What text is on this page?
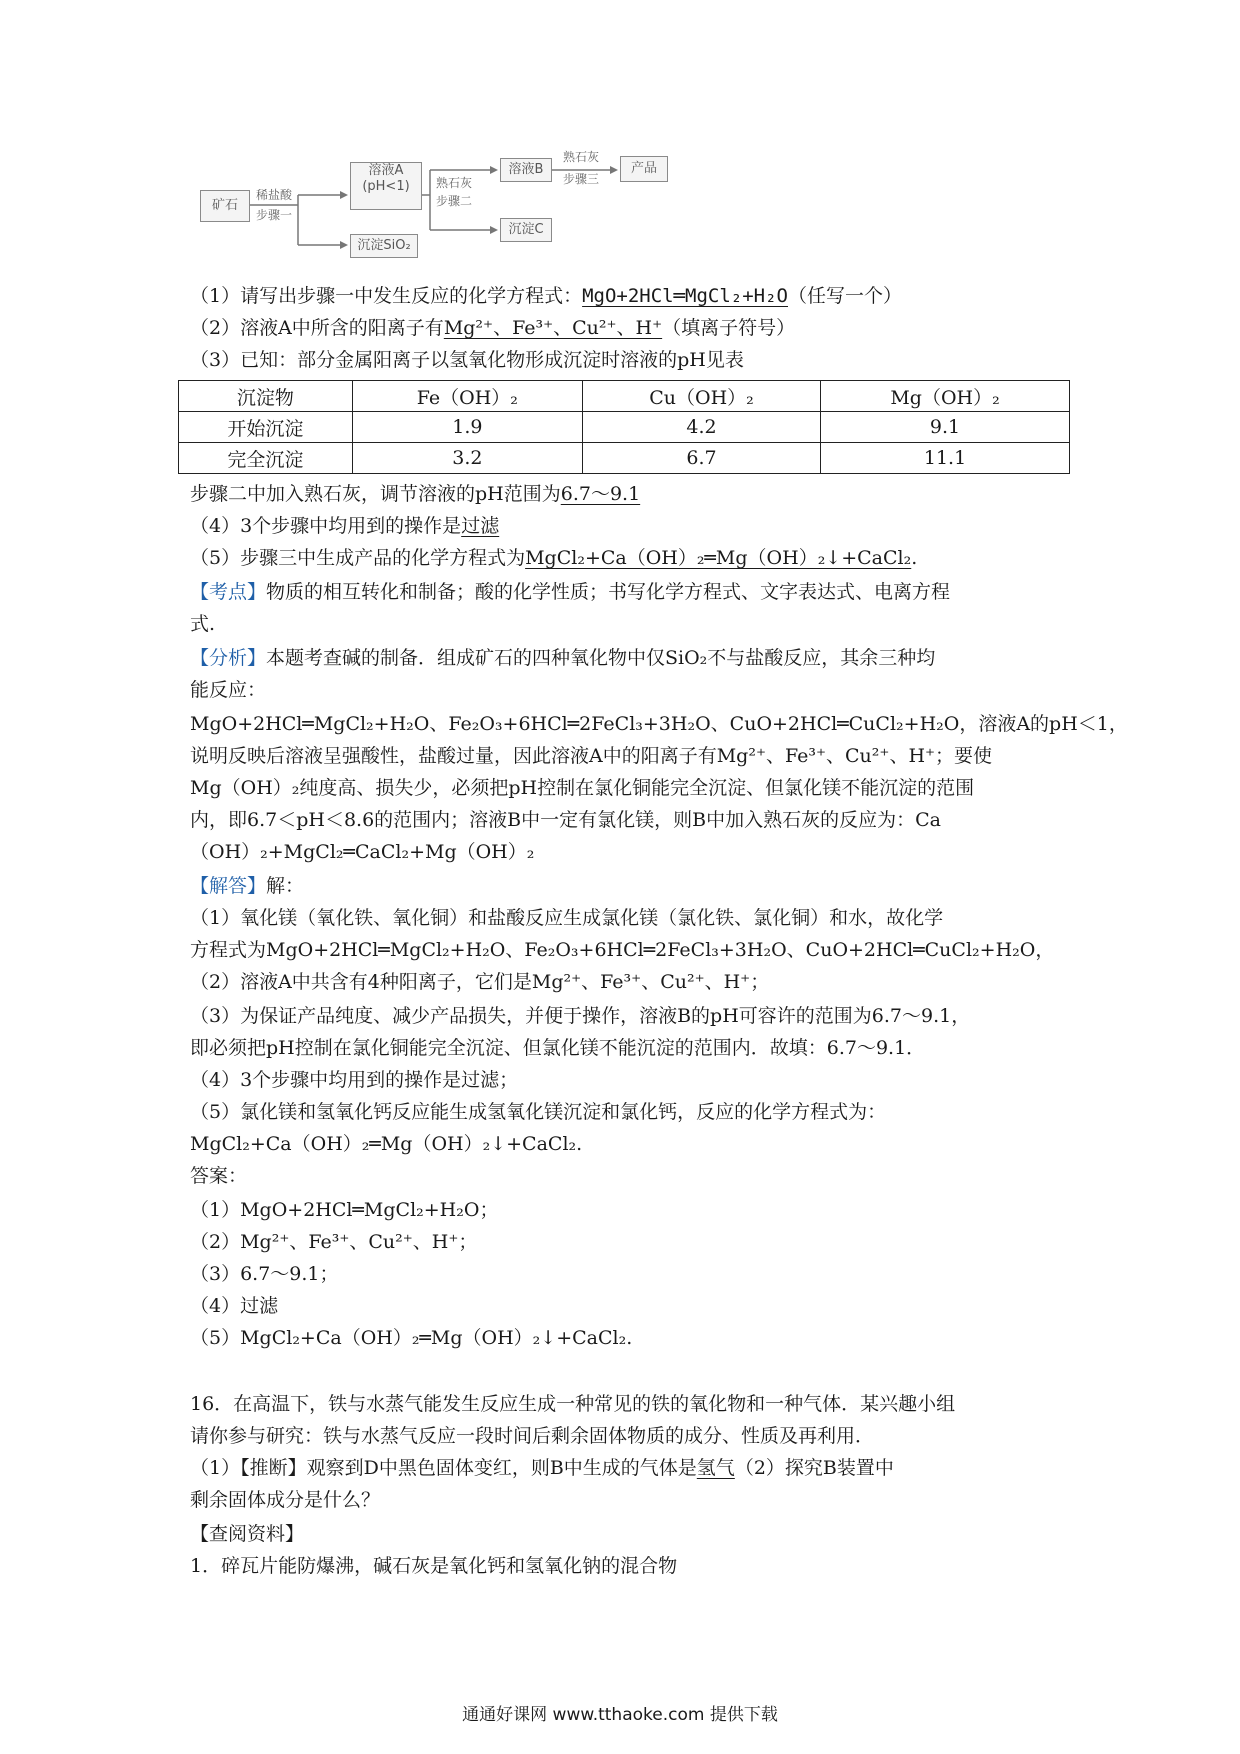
矿石
稀盐酸
步骤一
溶液A
(pH<1)
沉淀SiO₂
熟石灰
步骤二
溶液B
沉淀C
熟石灰
步骤三
产品
（1）请写出步骤一中发生反应的化学方程式：MgO+2HCl═MgCl₂+H₂O（任写一个）
（2）溶液A中所含的阳离子有Mg²⁺、Fe³⁺、Cu²⁺、H⁺（填离子符号）
（3）已知：部分金属阳离子以氢氧化物形成沉淀时溶液的pH见表
沉淀物	Fe（OH）₂	Cu（OH）₂	Mg（OH）₂
开始沉淀	1.9	4.2	9.1
完全沉淀	3.2	6.7	11.1
步骤二中加入熟石灰，调节溶液的pH范围为6.7～9.1
（4）3个步骤中均用到的操作是过滤
（5）步骤三中生成产品的化学方程式为MgCl₂+Ca（OH）₂═Mg（OH）₂↓+CaCl₂.
【考点】物质的相互转化和制备；酸的化学性质；书写化学方程式、文字表达式、电离方程
式.
【分析】本题考查碱的制备．组成矿石的四种氧化物中仅SiO₂不与盐酸反应，其余三种均
能反应：
MgO+2HCl═MgCl₂+H₂O、Fe₂O₃+6HCl═2FeCl₃+3H₂O、CuO+2HCl═CuCl₂+H₂O，溶液A的pH＜1，
说明反映后溶液呈强酸性，盐酸过量，因此溶液A中的阳离子有Mg²⁺、Fe³⁺、Cu²⁺、H⁺；要使
Mg（OH）₂纯度高、损失少，必须把pH控制在氯化铜能完全沉淀、但氯化镁不能沉淀的范围
内，即6.7＜pH＜8.6的范围内；溶液B中一定有氯化镁，则B中加入熟石灰的反应为：Ca
（OH）₂+MgCl₂═CaCl₂+Mg（OH）₂
【解答】解：
（1）氧化镁（氧化铁、氧化铜）和盐酸反应生成氯化镁（氯化铁、氯化铜）和水，故化学
方程式为MgO+2HCl═MgCl₂+H₂O、Fe₂O₃+6HCl═2FeCl₃+3H₂O、CuO+2HCl═CuCl₂+H₂O，
（2）溶液A中共含有4种阳离子，它们是Mg²⁺、Fe³⁺、Cu²⁺、H⁺；
（3）为保证产品纯度、减少产品损失，并便于操作，溶液B的pH可容许的范围为6.7～9.1，
即必须把pH控制在氯化铜能完全沉淀、但氯化镁不能沉淀的范围内．故填：6.7～9.1．
（4）3个步骤中均用到的操作是过滤；
（5）氯化镁和氢氧化钙反应能生成氢氧化镁沉淀和氯化钙，反应的化学方程式为：
MgCl₂+Ca（OH）₂═Mg（OH）₂↓+CaCl₂.
答案：
（1）MgO+2HCl═MgCl₂+H₂O；
（2）Mg²⁺、Fe³⁺、Cu²⁺、H⁺；
（3）6.7～9.1；
（4）过滤
（5）MgCl₂+Ca（OH）₂═Mg（OH）₂↓+CaCl₂.
16．在高温下，铁与水蒸气能发生反应生成一种常见的铁的氧化物和一种气体．某兴趣小组
请你参与研究：铁与水蒸气反应一段时间后剩余固体物质的成分、性质及再利用．
（1）【推断】观察到D中黑色固体变红，则B中生成的气体是氢气（2）探究B装置中
剩余固体成分是什么？
【查阅资料】
1．碎瓦片能防爆沸，碱石灰是氧化钙和氢氧化钠的混合物
通通好课网 www.tthaoke.com 提供下载
